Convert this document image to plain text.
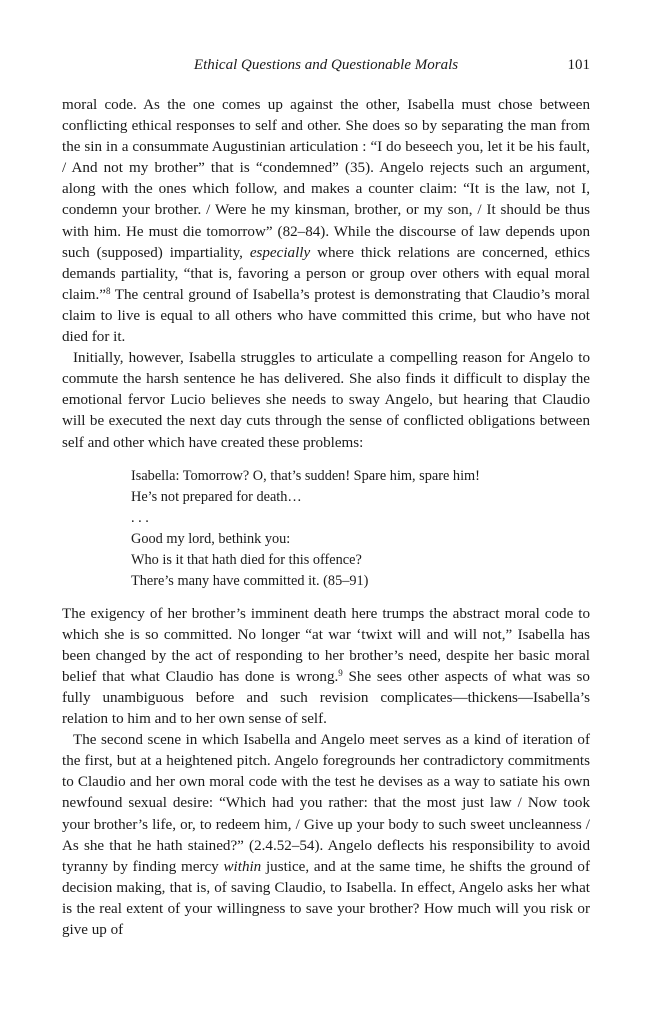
Ethical Questions and Questionable Morals	101

moral code. As the one comes up against the other, Isabella must chose between conflicting ethical responses to self and other. She does so by separating the man from the sin in a consummate Augustinian articulation : “I do beseech you, let it be his fault, / And not my brother” that is “condemned” (35). Angelo rejects such an argument, along with the ones which follow, and makes a counter claim: “It is the law, not I, condemn your brother. / Were he my kinsman, brother, or my son, / It should be thus with him. He must die tomorrow” (82–84). While the discourse of law depends upon such (supposed) impartiality, especially where thick relations are concerned, ethics demands partiality, “that is, favoring a person or group over others with equal moral claim.”$^8$ The central ground of Isabella’s protest is demonstrating that Claudio’s moral claim to live is equal to all others who have committed this crime, but who have not died for it.

Initially, however, Isabella struggles to articulate a compelling reason for Angelo to commute the harsh sentence he has delivered. She also finds it difficult to display the emotional fervor Lucio believes she needs to sway Angelo, but hearing that Claudio will be executed the next day cuts through the sense of conflicted obligations between self and other which have created these problems:

Isabella: Tomorrow? O, that’s sudden! Spare him, spare him!
He’s not prepared for death…
. . .
Good my lord, bethink you:
Who is it that hath died for this offence?
There’s many have committed it. (85–91)

The exigency of her brother’s imminent death here trumps the abstract moral code to which she is so committed. No longer “at war ‘twixt will and will not,” Isabella has been changed by the act of responding to her brother’s need, despite her basic moral belief that what Claudio has done is wrong.$^9$ She sees other aspects of what was so fully unambiguous before and such revision complicates—thickens—Isabella’s relation to him and to her own sense of self.

The second scene in which Isabella and Angelo meet serves as a kind of iteration of the first, but at a heightened pitch. Angelo foregrounds her contradictory commitments to Claudio and her own moral code with the test he devises as a way to satiate his own newfound sexual desire: “Which had you rather: that the most just law / Now took your brother’s life, or, to redeem him, / Give up your body to such sweet uncleanness / As she that he hath stained?” (2.4.52–54). Angelo deflects his responsibility to avoid tyranny by finding mercy within justice, and at the same time, he shifts the ground of decision making, that is, of saving Claudio, to Isabella. In effect, Angelo asks her what is the real extent of your willingness to save your brother? How much will you risk or give up of
